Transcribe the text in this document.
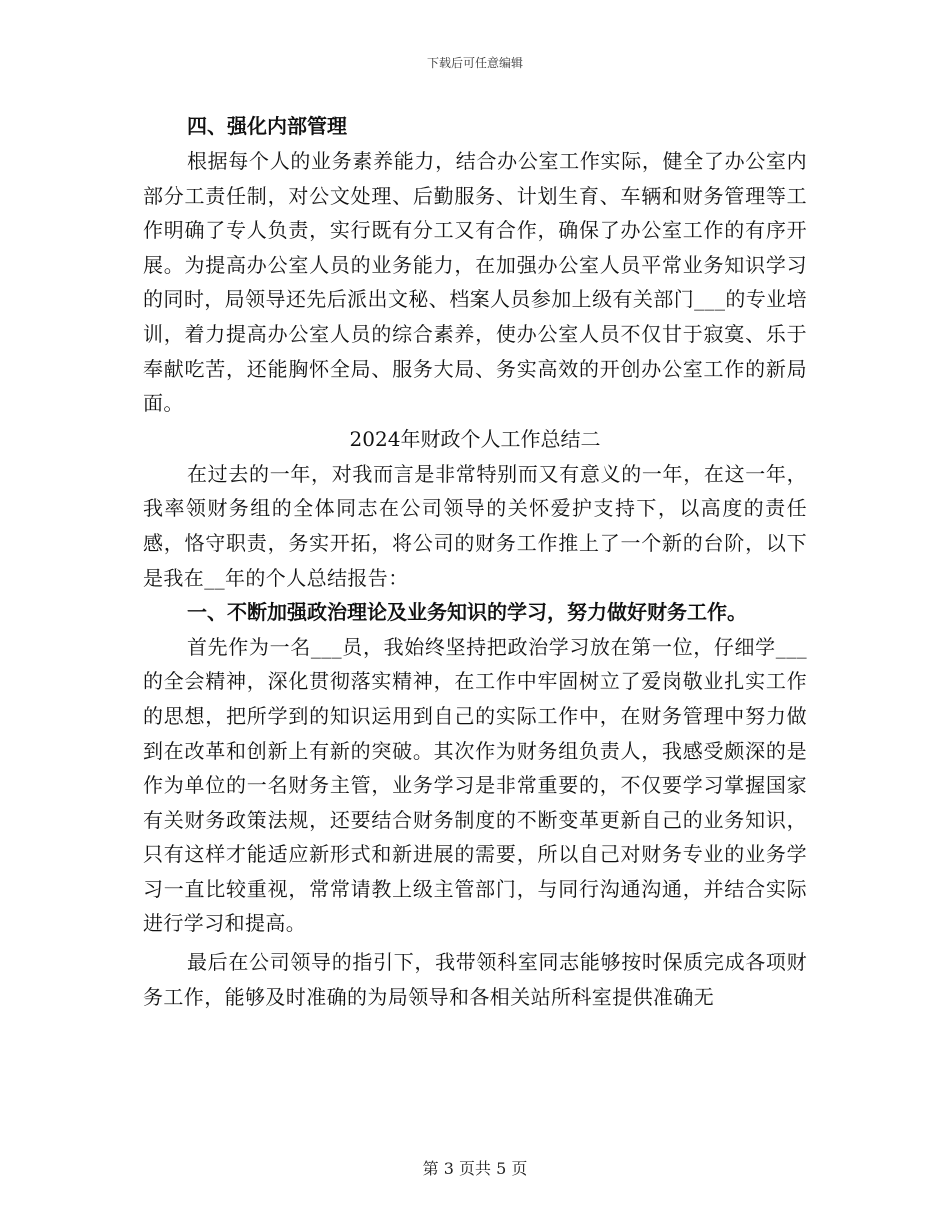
下载后可任意编辑

四、强化内部管理

根据每个人的业务素养能力，结合办公室工作实际，健全了办公室内部分工责任制，对公文处理、后勤服务、计划生育、车辆和财务管理等工作明确了专人负责，实行既有分工又有合作，确保了办公室工作的有序开展。为提高办公室人员的业务能力，在加强办公室人员平常业务知识学习的同时，局领导还先后派出文秘、档案人员参加上级有关部门___的专业培训，着力提高办公室人员的综合素养，使办公室人员不仅甘于寂寞、乐于奉献吃苦，还能胸怀全局、服务大局、务实高效的开创办公室工作的新局面。

2024年财政个人工作总结二

在过去的一年，对我而言是非常特别而又有意义的一年，在这一年，我率领财务组的全体同志在公司领导的关怀爱护支持下，以高度的责任感，恪守职责，务实开拓，将公司的财务工作推上了一个新的台阶，以下是我在__年的个人总结报告：

一、不断加强政治理论及业务知识的学习，努力做好财务工作。

首先作为一名___员，我始终坚持把政治学习放在第一位，仔细学___的全会精神，深化贯彻落实精神，在工作中牢固树立了爱岗敬业扎实工作的思想，把所学到的知识运用到自己的实际工作中，在财务管理中努力做到在改革和创新上有新的突破。其次作为财务组负责人，我感受颇深的是作为单位的一名财务主管，业务学习是非常重要的，不仅要学习掌握国家有关财务政策法规，还要结合财务制度的不断变革更新自己的业务知识，只有这样才能适应新形式和新进展的需要，所以自己对财务专业的业务学习一直比较重视，常常请教上级主管部门，与同行沟通沟通，并结合实际进行学习和提高。

最后在公司领导的指引下，我带领科室同志能够按时保质完成各项财务工作，能够及时准确的为局领导和各相关站所科室提供准确无

第 3 页共 5 页
